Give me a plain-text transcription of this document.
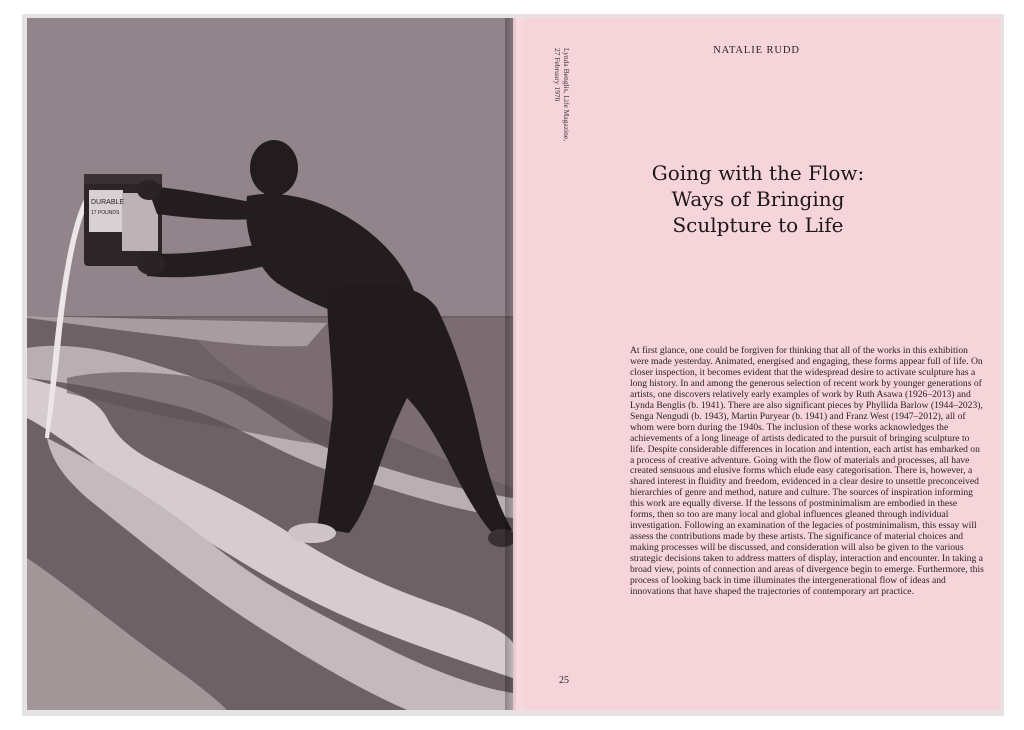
DURABLE
17 POUNDS
NATALIE RUDD
Lynda Benglis, Life Magazine,
27 February 1970
Going with the Flow:
Ways of Bringing
Sculpture to Life

At first glance, one could be forgiven for thinking that all of the works in this exhibition were made yesterday. Animated, energised and engaging, these forms appear full of life. On closer inspection, it becomes evident that the widespread desire to activate sculpture has a long history. In and among the generous selection of recent work by younger generations of artists, one discovers relatively early examples of work by Ruth Asawa (1926–2013) and Lynda Benglis (b. 1941). There are also significant pieces by Phyllida Barlow (1944–2023), Senga Nengudi (b. 1943), Martin Puryear (b. 1941) and Franz West (1947–2012), all of whom were born during the 1940s. The inclusion of these works acknowledges the achievements of a long lineage of artists dedicated to the pursuit of bringing sculpture to life. Despite considerable differences in location and intention, each artist has embarked on a process of creative adventure. Going with the flow of materials and processes, all have created sensuous and elusive forms which elude easy categorisation. There is, however, a shared interest in fluidity and freedom, evidenced in a clear desire to unsettle preconceived hierarchies of genre and method, nature and culture. The sources of inspiration informing this work are equally diverse. If the lessons of postminimalism are embodied in these forms, then so too are many local and global influences gleaned through individual investigation. Following an examination of the legacies of postminimalism, this essay will assess the contributions made by these artists. The significance of material choices and making processes will be discussed, and consideration will also be given to the various strategic decisions taken to address matters of display, interaction and encounter. In taking a broad view, points of connection and areas of divergence begin to emerge. Furthermore, this process of looking back in time illuminates the intergenerational flow of ideas and innovations that have shaped the trajectories of contemporary art practice.

25
